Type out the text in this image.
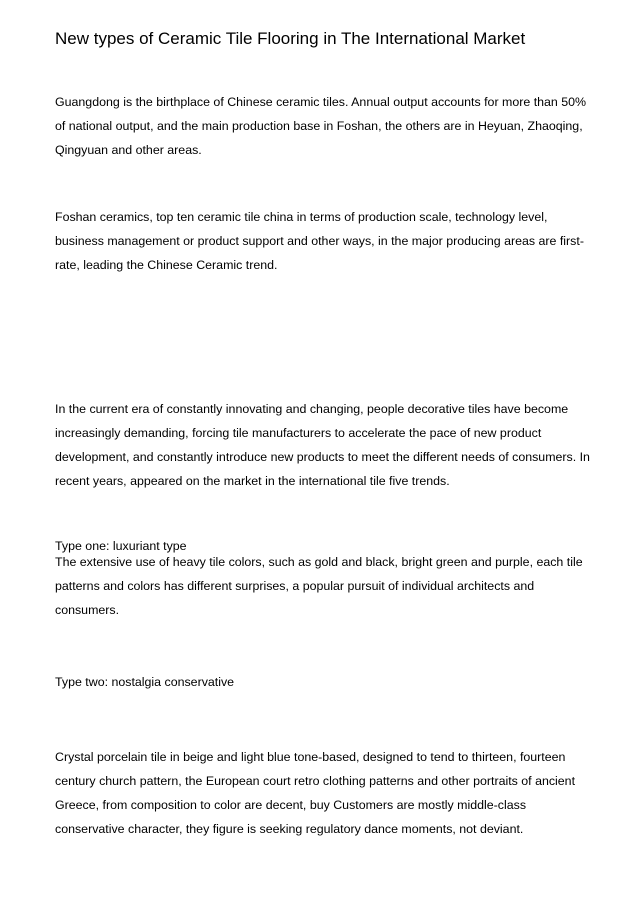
New types of Ceramic Tile Flooring in The International Market

Guangdong is the birthplace of Chinese ceramic tiles. Annual output accounts for more than 50% of national output, and the main production base in Foshan, the others are in Heyuan, Zhaoqing, Qingyuan and other areas.

Foshan ceramics, top ten ceramic tile china in terms of production scale, technology level, business management or product support and other ways, in the major producing areas are first-rate, leading the Chinese Ceramic trend.

In the current era of constantly innovating and changing, people decorative tiles have become increasingly demanding, forcing tile manufacturers to accelerate the pace of new product development, and constantly introduce new products to meet the different needs of consumers. In recent years, appeared on the market in the international tile five trends.

Type one: luxuriant type

The extensive use of heavy tile colors, such as gold and black, bright green and purple, each tile patterns and colors has different surprises, a popular pursuit of individual architects and consumers.

Type two: nostalgia conservative

Crystal porcelain tile in beige and light blue tone-based, designed to tend to thirteen, fourteen century church pattern, the European court retro clothing patterns and other portraits of ancient Greece, from composition to color are decent, buy Customers are mostly middle-class conservative character, they figure is seeking regulatory dance moments, not deviant.
